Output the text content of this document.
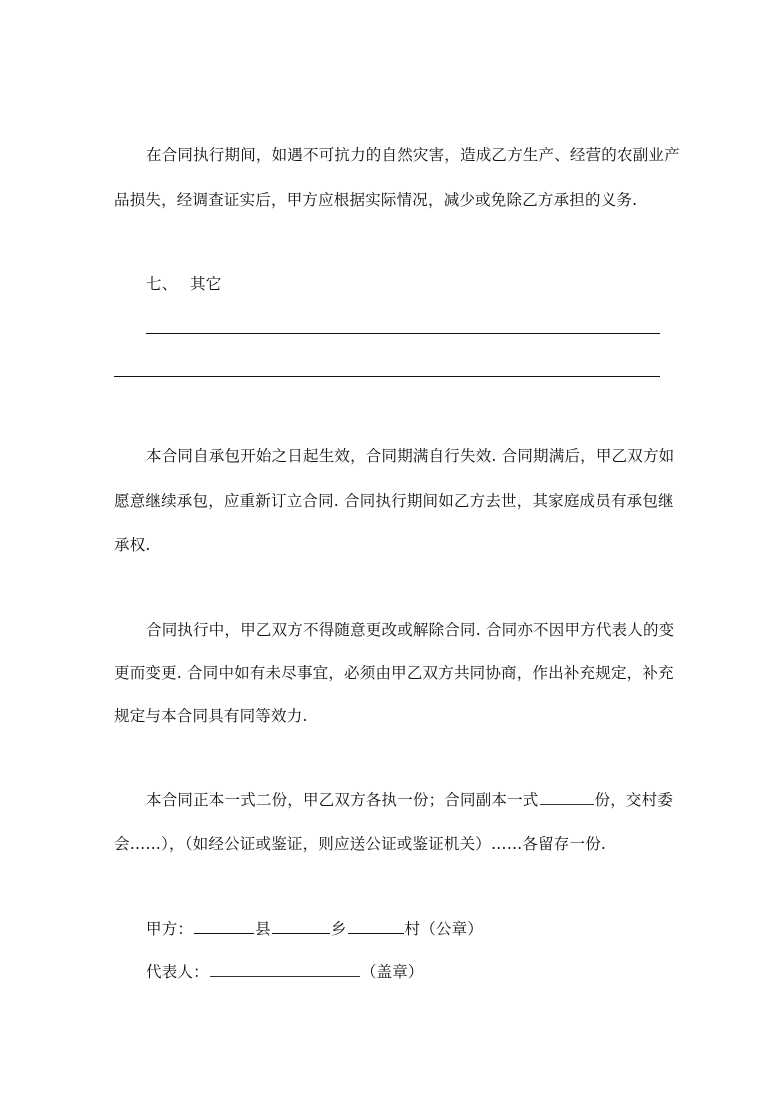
在合同执行期间，如遇不可抗力的自然灾害，造成乙方生产、经营的农副业产
品损失，经调查证实后，甲方应根据实际情况，减少或免除乙方承担的义务.
七、 其它
本合同自承包开始之日起生效，合同期满自行失效. 合同期满后，甲乙双方如
愿意继续承包，应重新订立合同. 合同执行期间如乙方去世，其家庭成员有承包继
承权.
合同执行中，甲乙双方不得随意更改或解除合同. 合同亦不因甲方代表人的变
更而变更. 合同中如有未尽事宜，必须由甲乙双方共同协商，作出补充规定，补充
规定与本合同具有同等效力.
本合同正本一式二份，甲乙双方各执一份；合同副本一式	份，交村委
会……），（如经公证或鉴证，则应送公证或鉴证机关）……各留存一份.
甲方：	县	乡	村（公章）
代表人：	（盖章）
